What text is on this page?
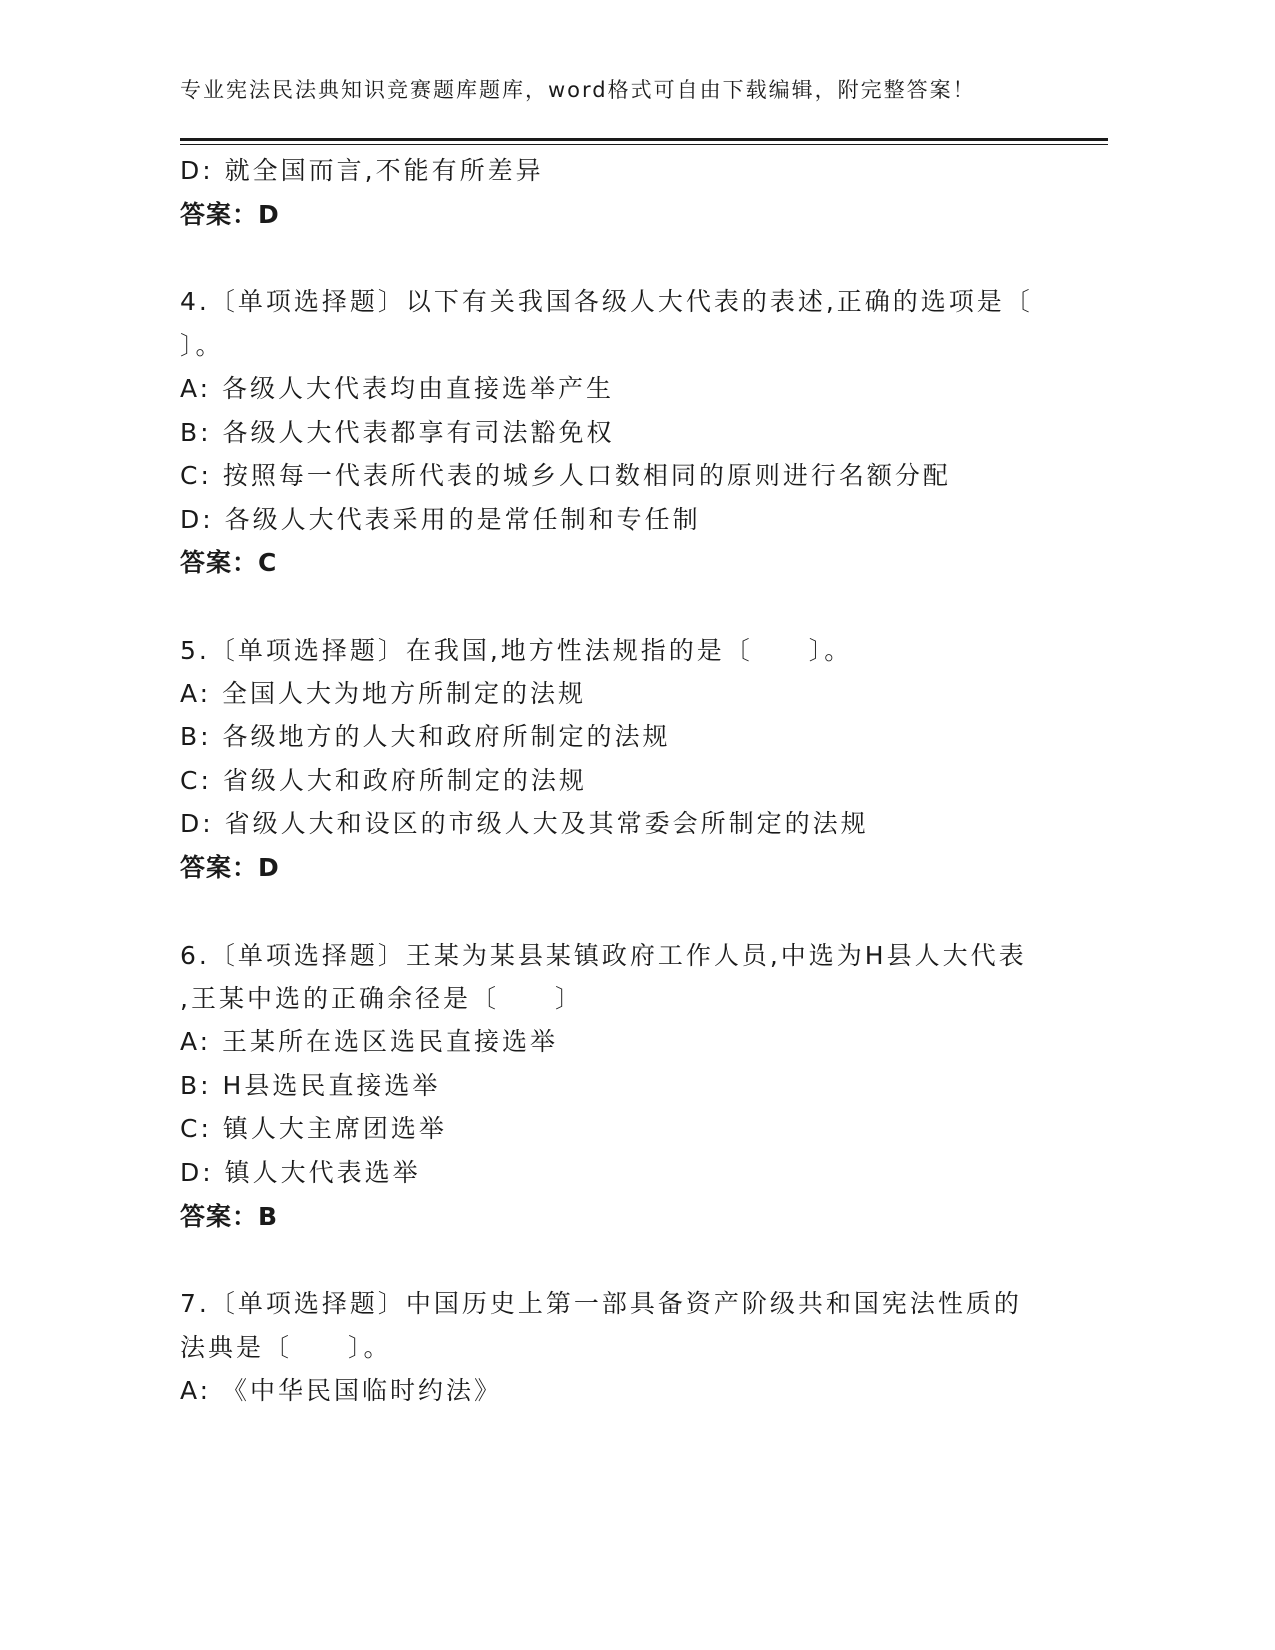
专业宪法民法典知识竞赛题库题库，word格式可自由下载编辑，附完整答案！
D: 就全国而言,不能有所差异
答案：D
4.〔单项选择题〕以下有关我国各级人大代表的表述,正确的选项是〔
〕。
A: 各级人大代表均由直接选举产生
B: 各级人大代表都享有司法豁免权
C: 按照每一代表所代表的城乡人口数相同的原则进行名额分配
D: 各级人大代表采用的是常任制和专任制
答案：C
5.〔单项选择题〕在我国,地方性法规指的是〔　　〕。
A: 全国人大为地方所制定的法规
B: 各级地方的人大和政府所制定的法规
C: 省级人大和政府所制定的法规
D: 省级人大和设区的市级人大及其常委会所制定的法规
答案：D
6.〔单项选择题〕王某为某县某镇政府工作人员,中选为H县人大代表
,王某中选的正确余径是〔　　〕
A: 王某所在选区选民直接选举
B: H县选民直接选举
C: 镇人大主席团选举
D: 镇人大代表选举
答案：B
7.〔单项选择题〕中国历史上第一部具备资产阶级共和国宪法性质的
法典是〔　　〕。
A: 《中华民国临时约法》
